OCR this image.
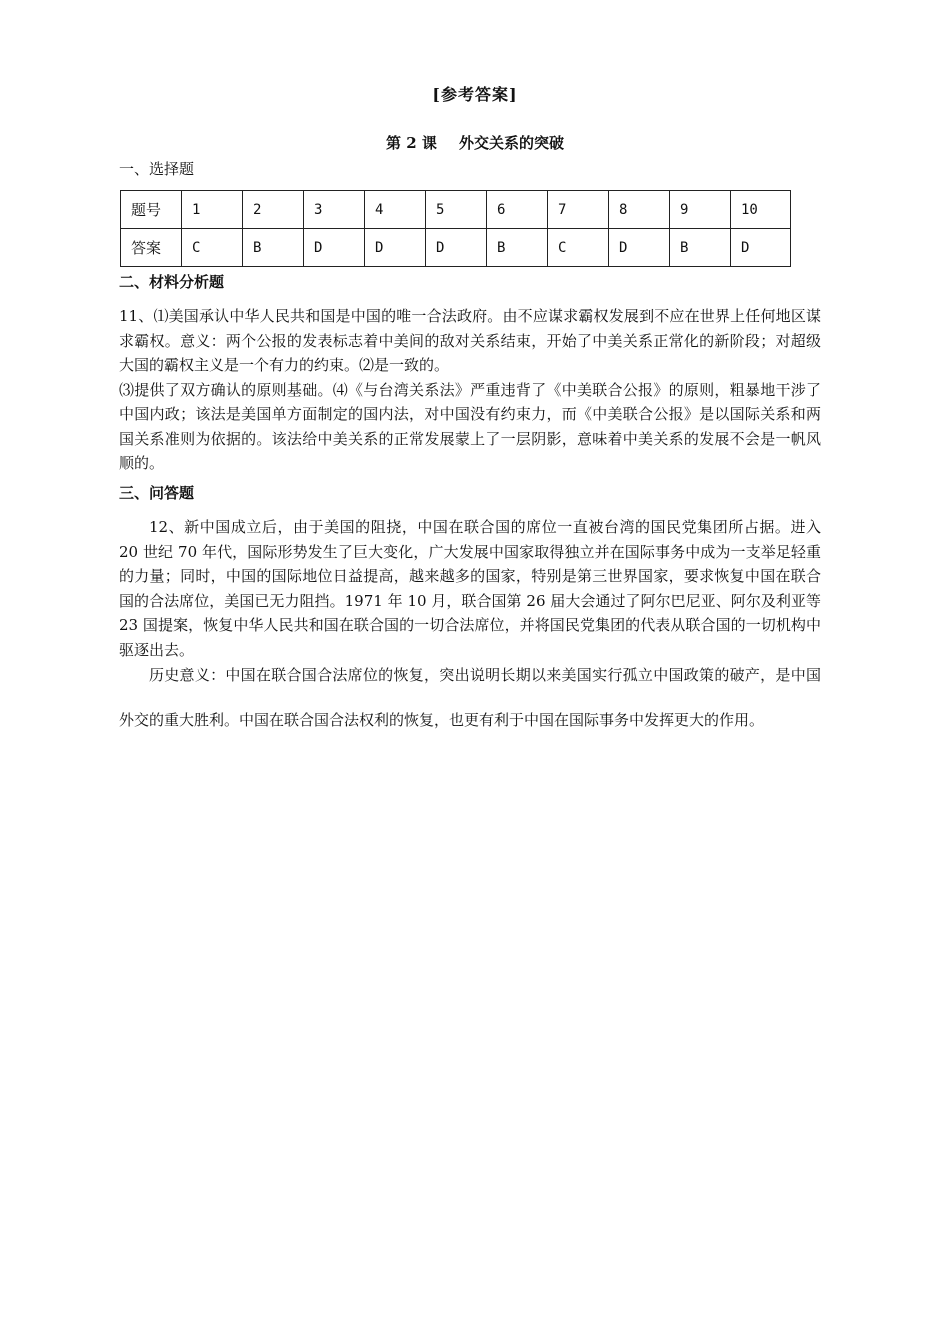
[参考答案]
第 2 课 外交关系的突破
一、选择题
题号	1	2	3	4	5	6	7	8	9	10
答案	C	B	D	D	D	B	C	D	B	D
二、材料分析题

11、⑴美国承认中华人民共和国是中国的唯一合法政府。由不应谋求霸权发展到不应在世界上任何地区谋求霸权。意义：两个公报的发表标志着中美间的敌对关系结束，开始了中美关系正常化的新阶段；对超级大国的霸权主义是一个有力的约束。⑵是一致的。

⑶提供了双方确认的原则基础。⑷《与台湾关系法》严重违背了《中美联合公报》的原则，粗暴地干涉了中国内政；该法是美国单方面制定的国内法，对中国没有约束力，而《中美联合公报》是以国际关系和两国关系准则为依据的。该法给中美关系的正常发展蒙上了一层阴影，意味着中美关系的发展不会是一帆风顺的。

三、问答题

12、新中国成立后，由于美国的阻挠，中国在联合国的席位一直被台湾的国民党集团所占据。进入 20 世纪 70 年代，国际形势发生了巨大变化，广大发展中国家取得独立并在国际事务中成为一支举足轻重的力量；同时，中国的国际地位日益提高，越来越多的国家，特别是第三世界国家，要求恢复中国在联合国的合法席位，美国已无力阻挡。1971 年 10 月，联合国第 26 届大会通过了阿尔巴尼亚、阿尔及利亚等 23 国提案，恢复中华人民共和国在联合国的一切合法席位，并将国民党集团的代表从联合国的一切机构中驱逐出去。

历史意义：中国在联合国合法席位的恢复，突出说明长期以来美国实行孤立中国政策的破产，是中国外交的重大胜利。中国在联合国合法权利的恢复，也更有利于中国在国际事务中发挥更大的作用。
